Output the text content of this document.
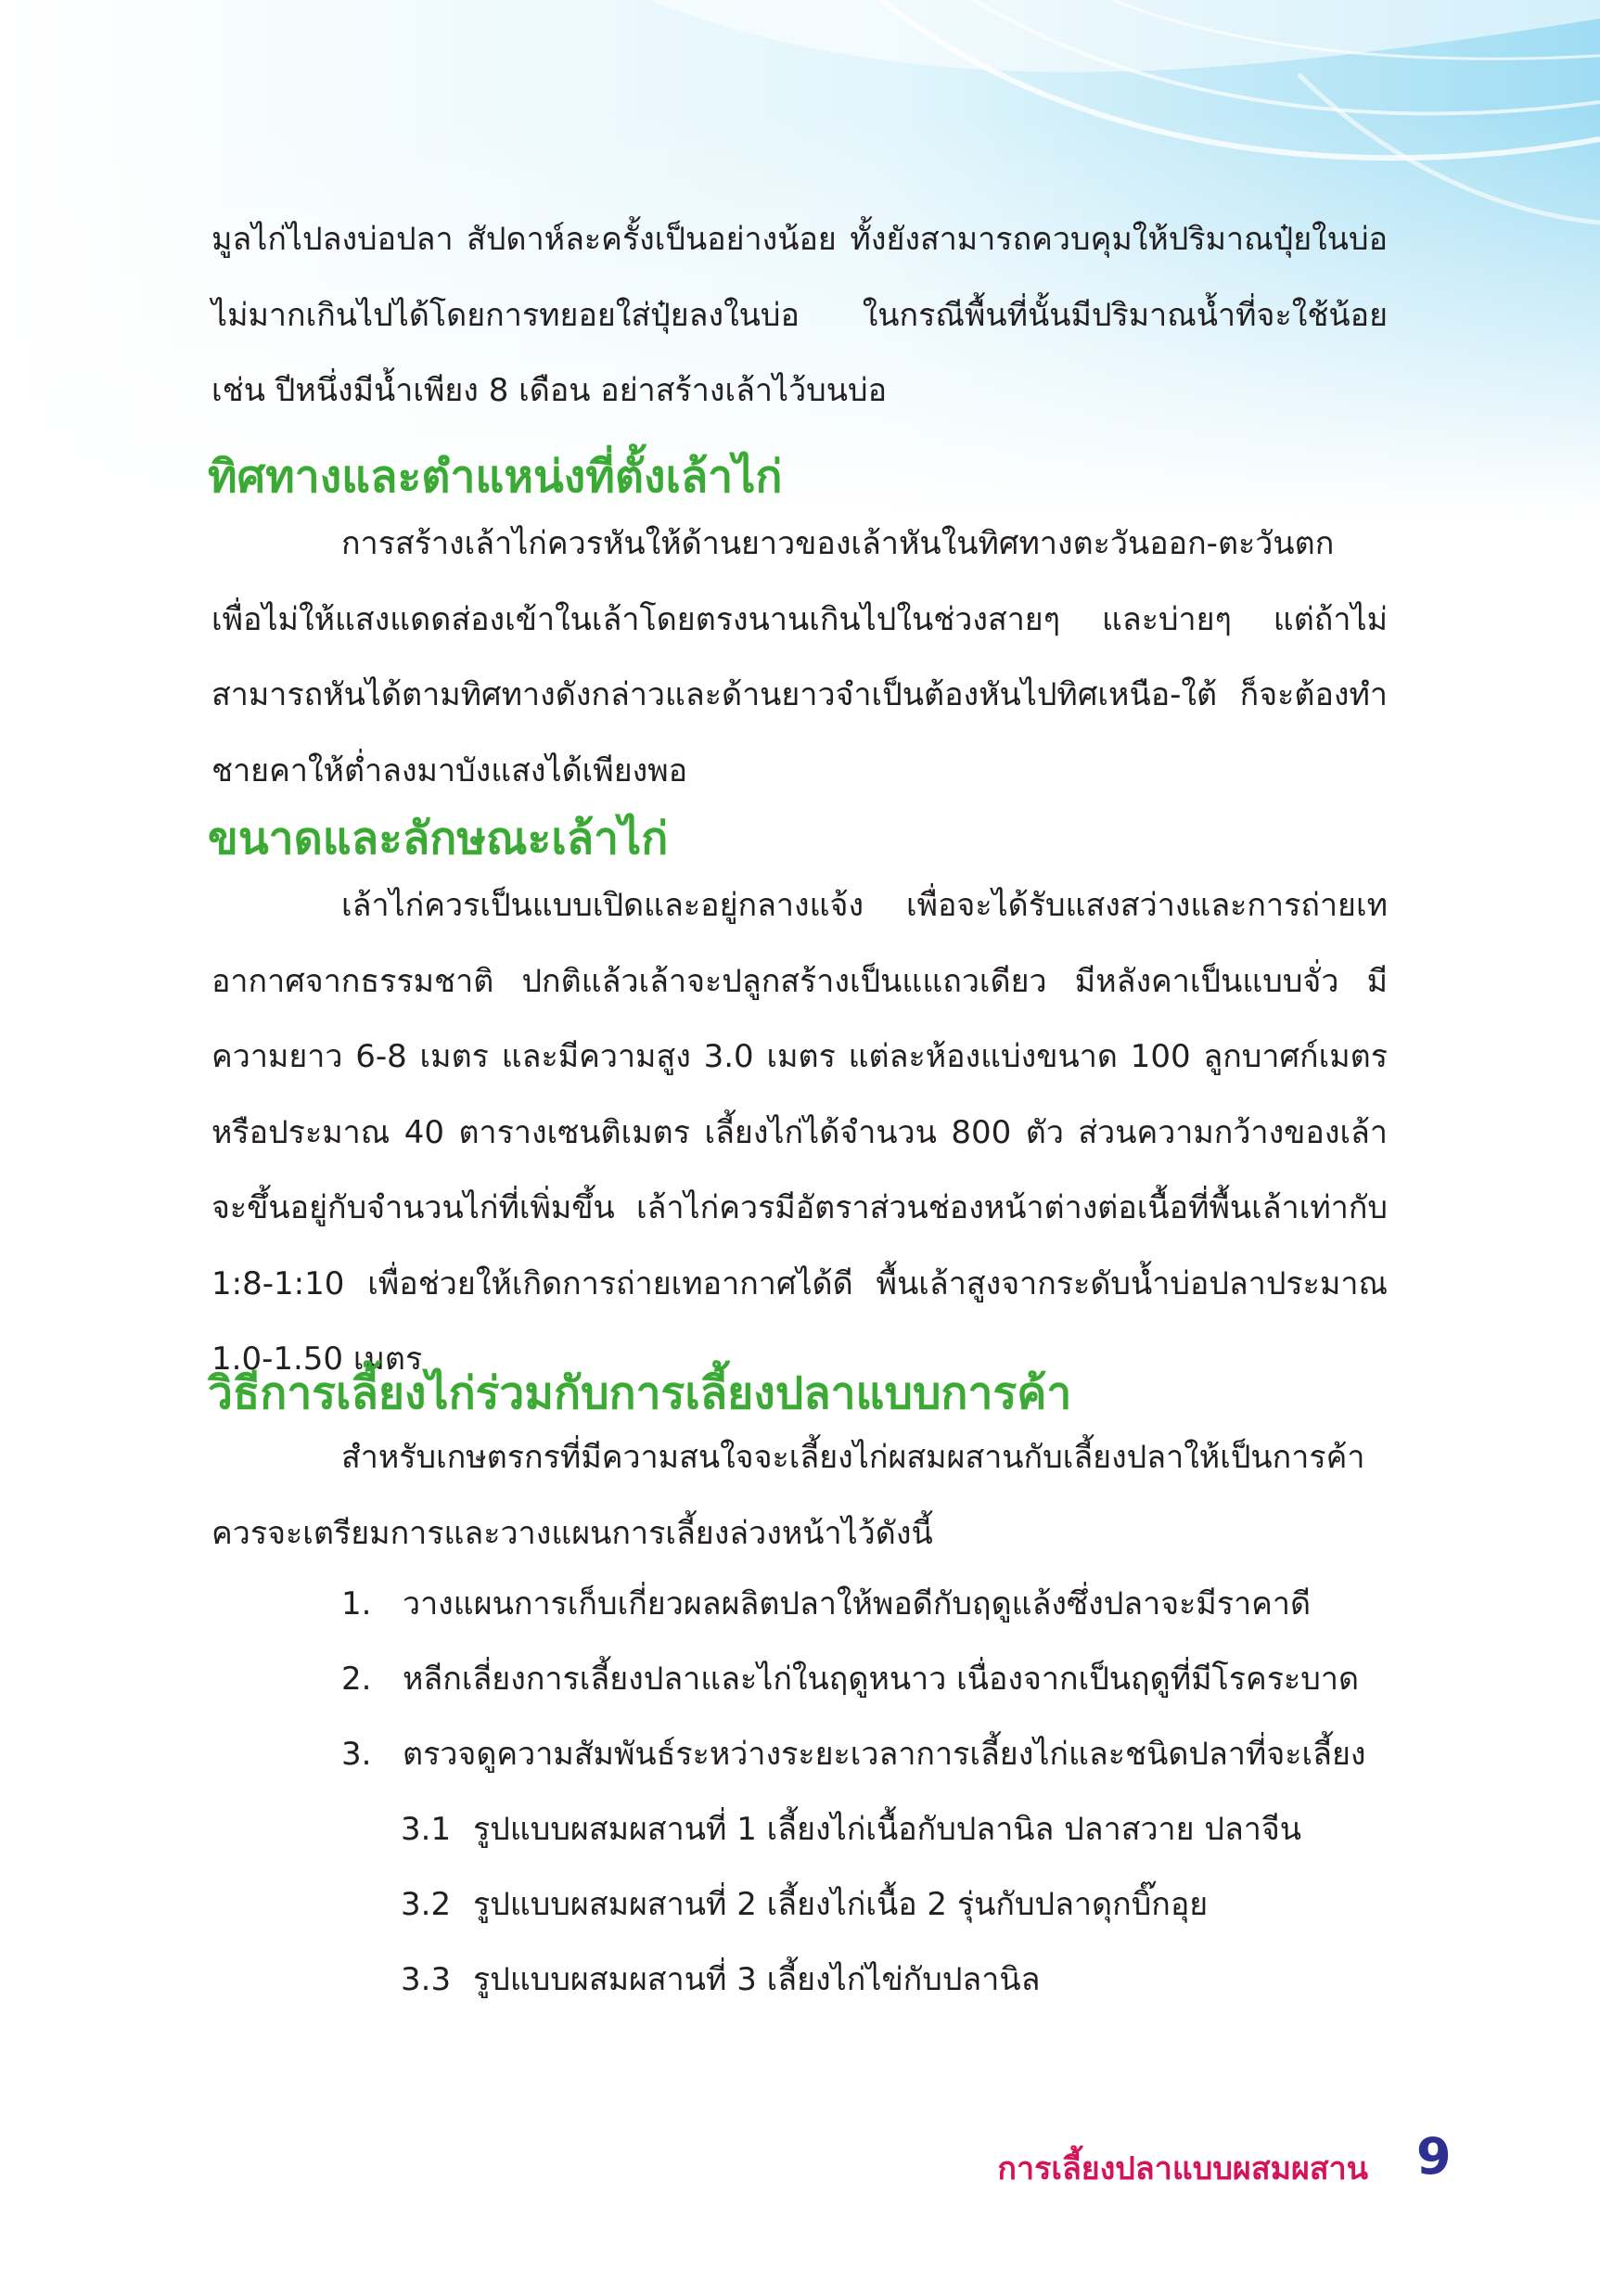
มูลไก่ไปลงบ่อปลา สัปดาห์ละครั้งเป็นอย่างน้อย ทั้งยังสามารถควบคุมให้ปริมาณปุ๋ยในบ่อไม่มากเกินไปได้โดยการทยอยใส่ปุ๋ยลงในบ่อ ในกรณีพื้นที่นั้นมีปริมาณน้ำที่จะใช้น้อย เช่น ปีหนึ่งมีน้ำเพียง 8 เดือน อย่าสร้างเล้าไว้บนบ่อ

ทิศทางและตำแหน่งที่ตั้งเล้าไก่

การสร้างเล้าไก่ควรหันให้ด้านยาวของเล้าหันในทิศทางตะวันออก-ตะวันตก เพื่อไม่ให้แสงแดดส่องเข้าในเล้าโดยตรงนานเกินไปในช่วงสายๆ และบ่ายๆ แต่ถ้าไม่สามารถหันได้ตามทิศทางดังกล่าวและด้านยาวจำเป็นต้องหันไปทิศเหนือ-ใต้ ก็จะต้องทำชายคาให้ต่ำลงมาบังแสงได้เพียงพอ

ขนาดและลักษณะเล้าไก่

เล้าไก่ควรเป็นแบบเปิดและอยู่กลางแจ้ง เพื่อจะได้รับแสงสว่างและการถ่ายเทอากาศจากธรรมชาติ ปกติแล้วเล้าจะปลูกสร้างเป็นแแถวเดียว มีหลังคาเป็นแบบจั่ว มีความยาว 6-8 เมตร และมีความสูง 3.0 เมตร แต่ละห้องแบ่งขนาด 100 ลูกบาศก์เมตร หรือประมาณ 40 ตารางเซนติเมตร เลี้ยงไก่ได้จำนวน 800 ตัว ส่วนความกว้างของเล้าจะขึ้นอยู่กับจำนวนไก่ที่เพิ่มขึ้น เล้าไก่ควรมีอัตราส่วนช่องหน้าต่างต่อเนื้อที่พื้นเล้าเท่ากับ 1:8-1:10 เพื่อช่วยให้เกิดการถ่ายเทอากาศได้ดี พื้นเล้าสูงจากระดับน้ำบ่อปลาประมาณ 1.0-1.50 เมตร

วิธีการเลี้ยงไก่ร่วมกับการเลี้ยงปลาแบบการค้า

สำหรับเกษตรกรที่มีความสนใจจะเลี้ยงไก่ผสมผสานกับเลี้ยงปลาให้เป็นการค้าควรจะเตรียมการและวางแผนการเลี้ยงล่วงหน้าไว้ดังนี้

1. วางแผนการเก็บเกี่ยวผลผลิตปลาให้พอดีกับฤดูแล้งซึ่งปลาจะมีราคาดี

2. หลีกเลี่ยงการเลี้ยงปลาและไก่ในฤดูหนาว เนื่องจากเป็นฤดูที่มีโรคระบาด

3. ตรวจดูความสัมพันธ์ระหว่างระยะเวลาการเลี้ยงไก่และชนิดปลาที่จะเลี้ยง

3.1 รูปแบบผสมผสานที่ 1 เลี้ยงไก่เนื้อกับปลานิล ปลาสวาย ปลาจีน

3.2 รูปแบบผสมผสานที่ 2 เลี้ยงไก่เนื้อ 2 รุ่นกับปลาดุกบิ๊กอุย

3.3 รูปแบบผสมผสานที่ 3 เลี้ยงไก่ไข่กับปลานิล

การเลี้ยงปลาแบบผสมผสาน 9
